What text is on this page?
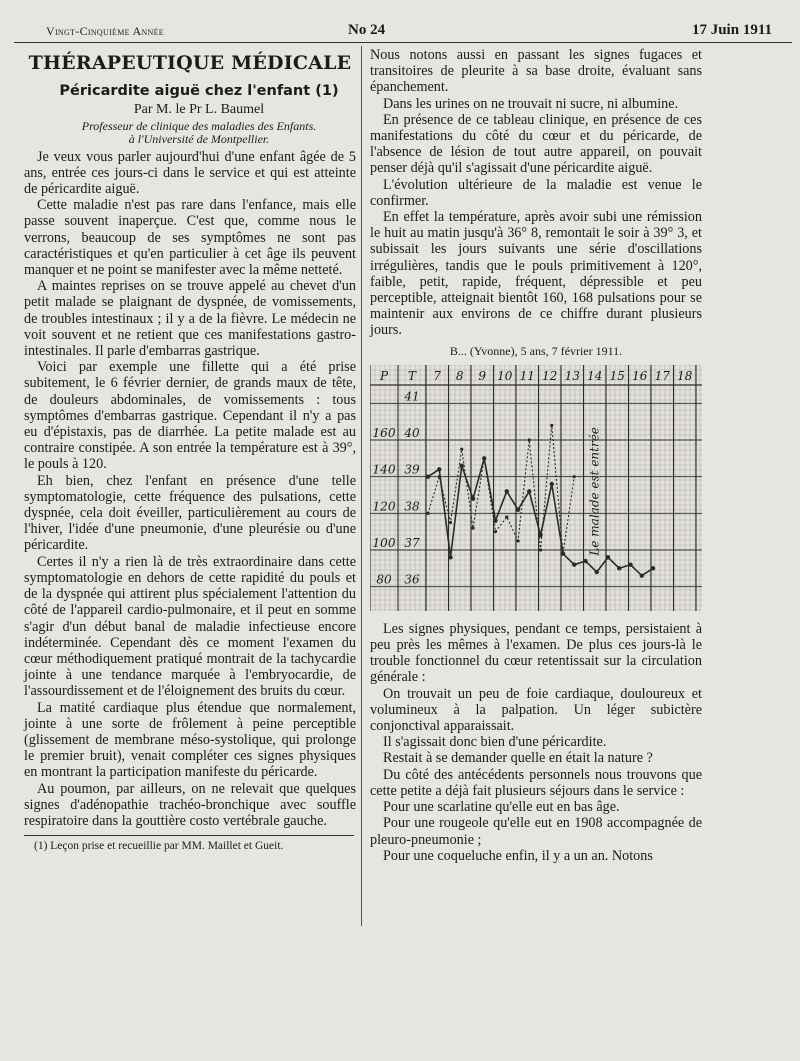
Vingt-Cinquième Année	No 24	17 Juin 1911
THÉRAPEUTIQUE MÉDICALE
Péricardite aiguë chez l'enfant (1)
Par M. le Pr L. Baumel
Professeur de clinique des maladies des Enfants.
à l'Université de Montpellier.

Je veux vous parler aujourd'hui d'une enfant âgée de 5 ans, entrée ces jours-ci dans le service et qui est atteinte de péricardite aiguë.

Cette maladie n'est pas rare dans l'enfance, mais elle passe souvent inaperçue. C'est que, comme nous le verrons, beaucoup de ses symptômes ne sont pas caractéristiques et qu'en particulier à cet âge ils peuvent manquer et ne point se manifester avec la même netteté.

A maintes reprises on se trouve appelé au chevet d'un petit malade se plaignant de dyspnée, de vomissements, de troubles intestinaux ; il y a de la fièvre. Le médecin ne voit souvent et ne retient que ces manifestations gastro-intestinales. Il parle d'embarras gastrique.

Voici par exemple une fillette qui a été prise subitement, le 6 février dernier, de grands maux de tête, de douleurs abdominales, de vomissements : tous symptômes d'embarras gastrique. Cependant il n'y a pas eu d'épistaxis, pas de diarrhée. La petite malade est au contraire constipée. A son entrée la température est à 39°, le pouls à 120.

Eh bien, chez l'enfant en présence d'une telle symptomatologie, cette fréquence des pulsations, cette dyspnée, cela doit éveiller, particulièrement au cours de l'hiver, l'idée d'une pneumonie, d'une pleurésie ou d'une péricardite.

Certes il n'y a rien là de très extraordinaire dans cette symptomatologie en dehors de cette rapidité du pouls et de la dyspnée qui attirent plus spécialement l'attention du côté de l'appareil cardio-pulmonaire, et il peut en somme s'agir d'un début banal de maladie infectieuse encore indéterminée. Cependant dès ce moment l'examen du cœur méthodiquement pratiqué montrait de la tachycardie jointe à une tendance marquée à l'embryocardie, de l'assourdissement et de l'éloignement des bruits du cœur.

La matité cardiaque plus étendue que normalement, jointe à une sorte de frôlement à peine perceptible (glissement de membrane méso-systolique, qui prolonge le premier bruit), venait compléter ces signes physiques en montrant la participation manifeste du péricarde.

Au poumon, par ailleurs, on ne relevait que quelques signes d'adénopathie trachéo-bronchique avec souffle respiratoire dans la gouttière costo vertébrale gauche.

(1) Leçon prise et recueillie par MM. Maillet et Gueit.

Nous notons aussi en passant les signes fugaces et transitoires de pleurite à sa base droite, évaluant sans épanchement.

Dans les urines on ne trouvait ni sucre, ni albumine.

En présence de ce tableau clinique, en présence de ces manifestations du côté du cœur et du péricarde, de l'absence de lésion de tout autre appareil, on pouvait penser déjà qu'il s'agissait d'une péricardite aiguë.

L'évolution ultérieure de la maladie est venue le confirmer.

En effet la température, après avoir subi une rémission le huit au matin jusqu'à 36° 8, remontait le soir à 39° 3, et subissait les jours suivants une série d'oscillations irrégulières, tandis que le pouls primitivement à 120°, faible, petit, rapide, fréquent, dépressible et peu perceptible, atteignait bientôt 160, 168 pulsations pour se maintenir aux environs de ce chiffre durant plusieurs jours.

B... (Yvonne), 5 ans, 7 février 1911.
P T 7 8 9 10 11 12 13 14 15 16 17 18
41
40
39
38
37
36
160
140
120
100
80
Le malade est entrée

Les signes physiques, pendant ce temps, persistaient à peu près les mêmes à l'examen. De plus ces jours-là le trouble fonctionnel du cœur retentissait sur la circulation générale :

On trouvait un peu de foie cardiaque, douloureux et volumineux à la palpation. Un léger subictère conjonctival apparaissait.

Il s'agissait donc bien d'une péricardite.

Restait à se demander quelle en était la nature ?

Du côté des antécédents personnels nous trouvons que cette petite a déjà fait plusieurs séjours dans le service :

Pour une scarlatine qu'elle eut en bas âge.

Pour une rougeole qu'elle eut en 1908 accompagnée de pleuro-pneumonie ;

Pour une coqueluche enfin, il y a un an. Notons
